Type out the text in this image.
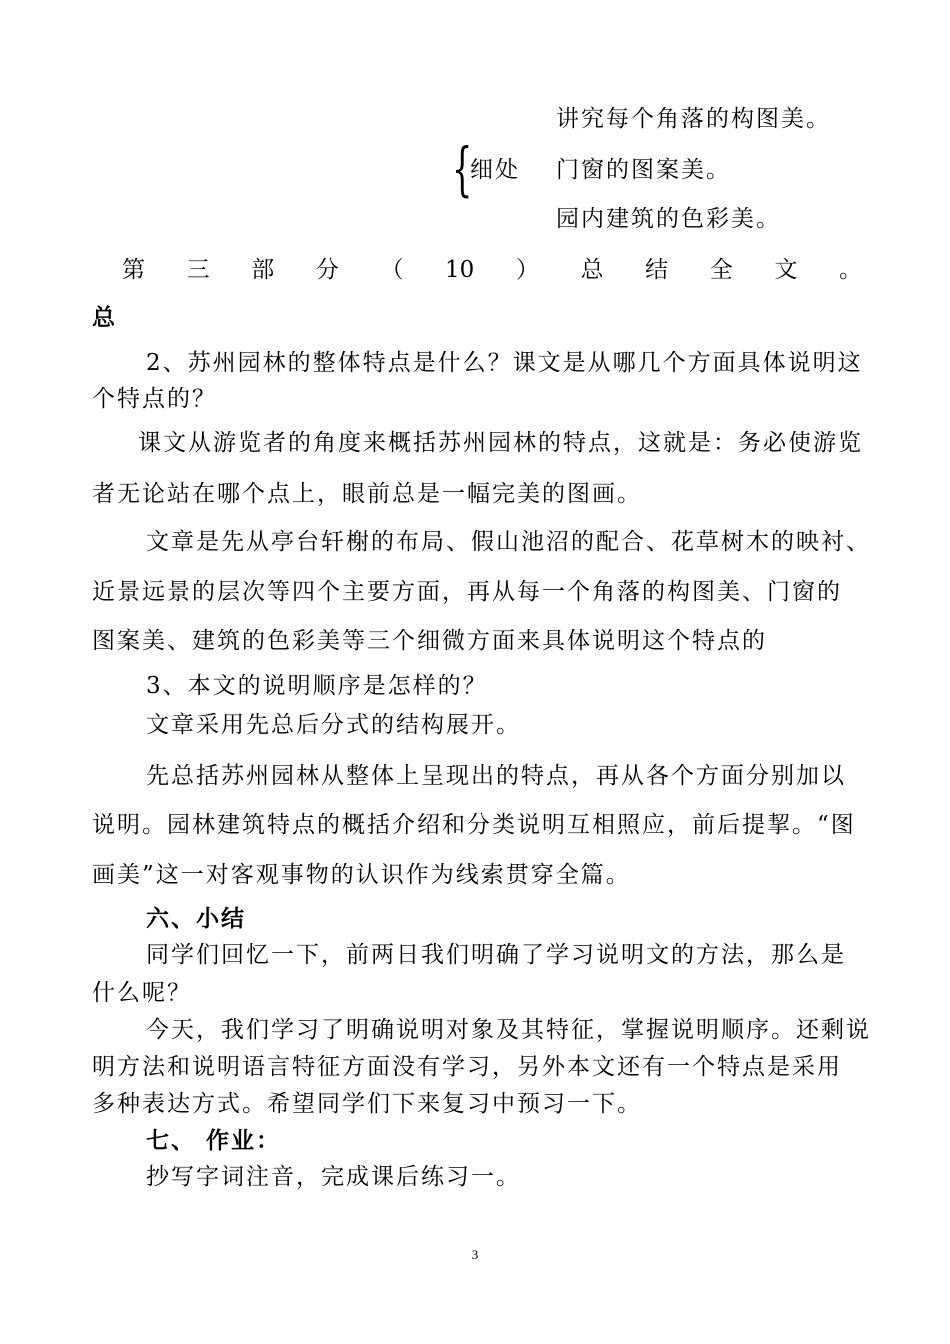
讲究每个角落的构图美。
{
细处 门窗的图案美。
园内建筑的色彩美。
第 三 部 分 （ 10 ） 总 结 全 文 。
总
2、苏州园林的整体特点是什么？课文是从哪几个方面具体说明这
个特点的？
课文从游览者的角度来概括苏州园林的特点，这就是：务必使游览
者无论站在哪个点上，眼前总是一幅完美的图画。
文章是先从亭台轩榭的布局、假山池沼的配合、花草树木的映衬、
近景远景的层次等四个主要方面，再从每一个角落的构图美、门窗的
图案美、建筑的色彩美等三个细微方面来具体说明这个特点的
3、本文的说明顺序是怎样的？
文章采用先总后分式的结构展开。
先总括苏州园林从整体上呈现出的特点，再从各个方面分别加以
说明。园林建筑特点的概括介绍和分类说明互相照应，前后提挈。“图
画美”这一对客观事物的认识作为线索贯穿全篇。
六、小结
同学们回忆一下，前两日我们明确了学习说明文的方法，那么是
什么呢？
今天，我们学习了明确说明对象及其特征，掌握说明顺序。还剩说
明方法和说明语言特征方面没有学习，另外本文还有一个特点是采用
多种表达方式。希望同学们下来复习中预习一下。
七、 作业：
抄写字词注音，完成课后练习一。
3
